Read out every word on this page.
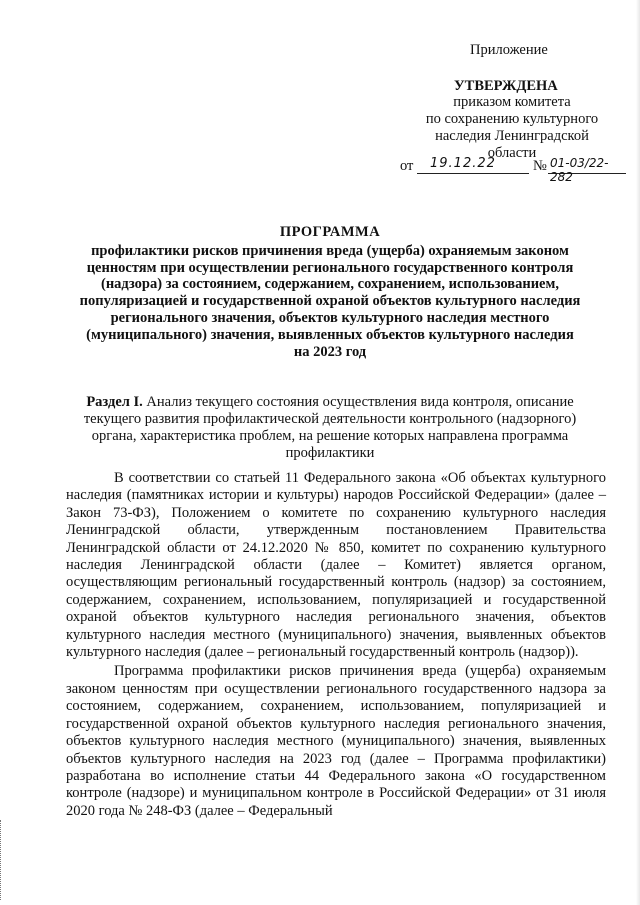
Приложение
УТВЕРЖДЕНА
приказом комитета
по сохранению культурного
наследия Ленинградской
области
от 19.12.22	№ 01-03/22-282
ПРОГРАММА
профилактики рисков причинения вреда (ущерба) охраняемым законом ценностям при осуществлении регионального государственного контроля (надзора) за состоянием, содержанием, сохранением, использованием, популяризацией и государственной охраной объектов культурного наследия регионального значения, объектов культурного наследия местного (муниципального) значения, выявленных объектов культурного наследия
на 2023 год
Раздел I. Анализ текущего состояния осуществления вида контроля, описание текущего развития профилактической деятельности контрольного (надзорного) органа, характеристика проблем, на решение которых направлена программа профилактики

В соответствии со статьей 11 Федерального закона «Об объектах культурного наследия (памятниках истории и культуры) народов Российской Федерации» (далее – Закон 73-ФЗ), Положением о комитете по сохранению культурного наследия Ленинградской области, утвержденным постановлением Правительства Ленинградской области от 24.12.2020 № 850, комитет по сохранению культурного наследия Ленинградской области (далее – Комитет) является органом, осуществляющим региональный государственный контроль (надзор) за состоянием, содержанием, сохранением, использованием, популяризацией и государственной охраной объектов культурного наследия регионального значения, объектов культурного наследия местного (муниципального) значения, выявленных объектов культурного наследия (далее – региональный государственный контроль (надзор)).

Программа профилактики рисков причинения вреда (ущерба) охраняемым законом ценностям при осуществлении регионального государственного надзора за состоянием, содержанием, сохранением, использованием, популяризацией и государственной охраной объектов культурного наследия регионального значения, объектов культурного наследия местного (муниципального) значения, выявленных объектов культурного наследия на 2023 год (далее – Программа профилактики) разработана во исполнение статьи 44 Федерального закона «О государственном контроле (надзоре) и муниципальном контроле в Российской Федерации» от 31 июля 2020 года № 248-ФЗ (далее – Федеральный
